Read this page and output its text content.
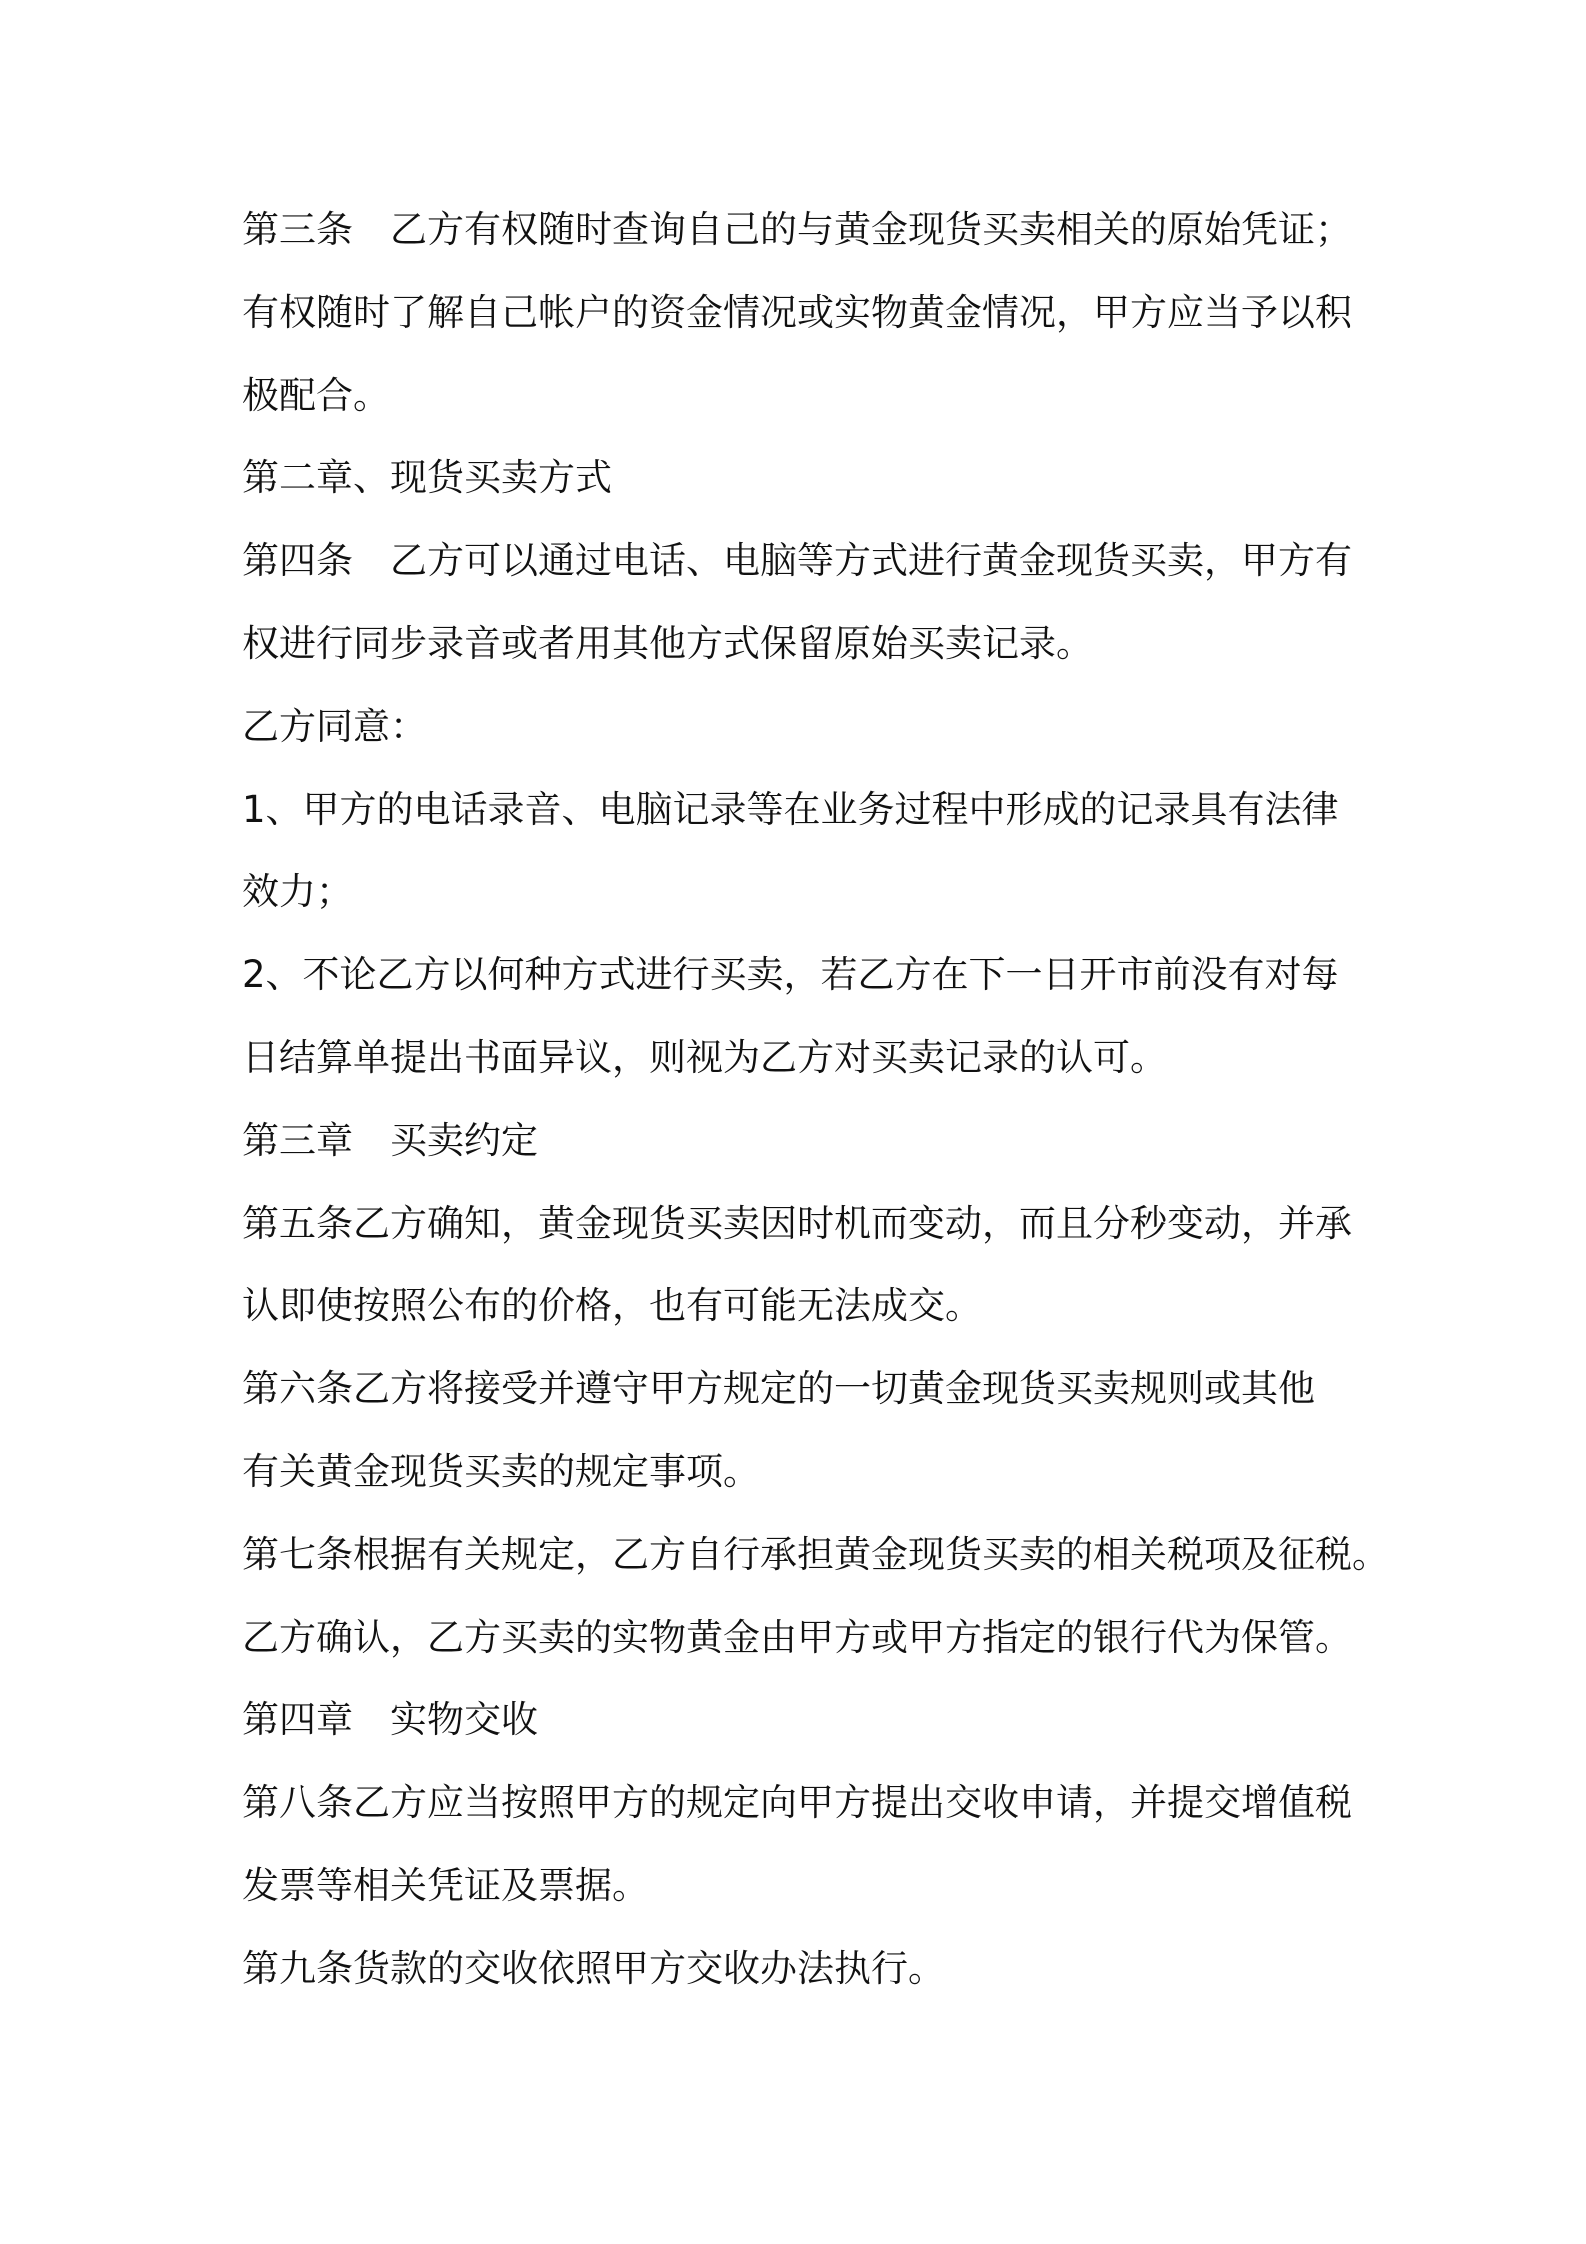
第三条　乙方有权随时查询自己的与黄金现货买卖相关的原始凭证；
有权随时了解自己帐户的资金情况或实物黄金情况，甲方应当予以积
极配合。
第二章、现货买卖方式
第四条　乙方可以通过电话、电脑等方式进行黄金现货买卖，甲方有
权进行同步录音或者用其他方式保留原始买卖记录。
乙方同意：
1、甲方的电话录音、电脑记录等在业务过程中形成的记录具有法律
效力；
2、不论乙方以何种方式进行买卖，若乙方在下一日开市前没有对每
日结算单提出书面异议，则视为乙方对买卖记录的认可。
第三章　买卖约定
第五条乙方确知，黄金现货买卖因时机而变动，而且分秒变动，并承
认即使按照公布的价格，也有可能无法成交。
第六条乙方将接受并遵守甲方规定的一切黄金现货买卖规则或其他
有关黄金现货买卖的规定事项。
第七条根据有关规定，乙方自行承担黄金现货买卖的相关税项及征税。
乙方确认，乙方买卖的实物黄金由甲方或甲方指定的银行代为保管。
第四章　实物交收
第八条乙方应当按照甲方的规定向甲方提出交收申请，并提交增值税
发票等相关凭证及票据。
第九条货款的交收依照甲方交收办法执行。
